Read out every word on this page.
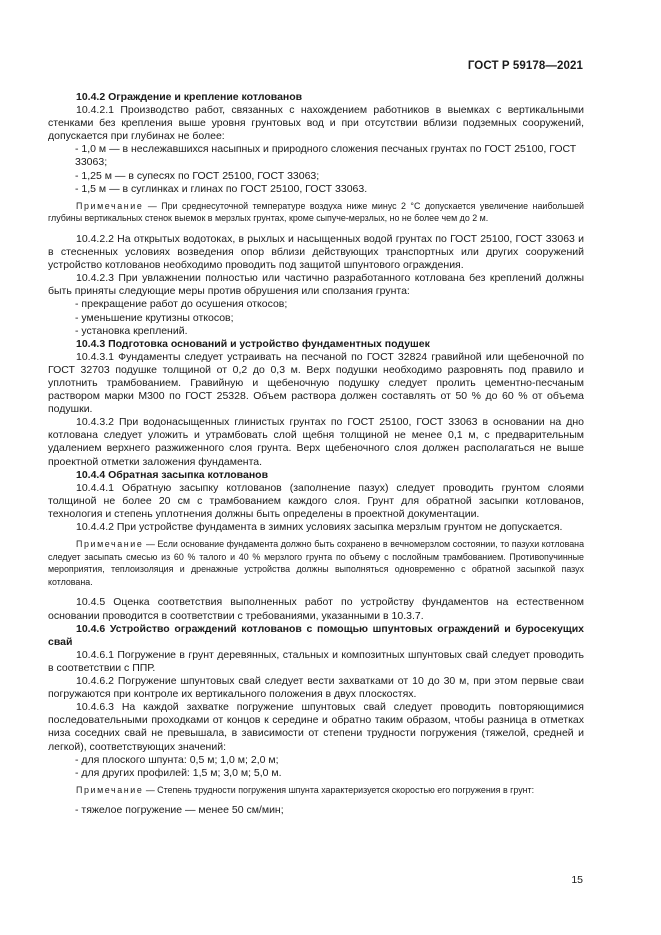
ГОСТ Р 59178—2021

10.4.2 Ограждение и крепление котлованов

10.4.2.1 Производство работ, связанных с нахождением работников в выемках с вертикальными стенками без крепления выше уровня грунтовых вод и при отсутствии вблизи подземных сооружений, допускается при глубинах не более:

- 1,0 м — в неслежавшихся насыпных и природного сложения песчаных грунтах по ГОСТ 25100, ГОСТ 33063;

- 1,25 м — в супесях по ГОСТ 25100, ГОСТ 33063;

- 1,5 м — в суглинках и глинах по ГОСТ 25100, ГОСТ 33063.

Примечание — При среднесуточной температуре воздуха ниже минус 2 °С допускается увеличение наибольшей глубины вертикальных стенок выемок в мерзлых грунтах, кроме сыпуче-мерзлых, но не более чем до 2 м.

10.4.2.2 На открытых водотоках, в рыхлых и насыщенных водой грунтах по ГОСТ 25100, ГОСТ 33063 и в стесненных условиях возведения опор вблизи действующих транспортных или других сооружений устройство котлованов необходимо проводить под защитой шпунтового ограждения.

10.4.2.3 При увлажнении полностью или частично разработанного котлована без креплений должны быть приняты следующие меры против обрушения или сползания грунта:

- прекращение работ до осушения откосов;

- уменьшение крутизны откосов;

- установка креплений.

10.4.3 Подготовка оснований и устройство фундаментных подушек

10.4.3.1 Фундаменты следует устраивать на песчаной по ГОСТ 32824 гравийной или щебеночной по ГОСТ 32703 подушке толщиной от 0,2 до 0,3 м. Верх подушки необходимо разровнять под правило и уплотнить трамбованием. Гравийную и щебеночную подушку следует пролить цементно-песчаным раствором марки М300 по ГОСТ 25328. Объем раствора должен составлять от 50 % до 60 % от объема подушки.

10.4.3.2 При водонасыщенных глинистых грунтах по ГОСТ 25100, ГОСТ 33063 в основании на дно котлована следует уложить и утрамбовать слой щебня толщиной не менее 0,1 м, с предварительным удалением верхнего разжиженного слоя грунта. Верх щебеночного слоя должен располагаться не выше проектной отметки заложения фундамента.

10.4.4 Обратная засыпка котлованов

10.4.4.1 Обратную засыпку котлованов (заполнение пазух) следует проводить грунтом слоями толщиной не более 20 см с трамбованием каждого слоя. Грунт для обратной засыпки котлованов, технология и степень уплотнения должны быть определены в проектной документации.

10.4.4.2 При устройстве фундамента в зимних условиях засыпка мерзлым грунтом не допускается.

Примечание — Если основание фундамента должно быть сохранено в вечномерзлом состоянии, то пазухи котлована следует засыпать смесью из 60 % талого и 40 % мерзлого грунта по объему с послойным трамбованием. Противопучинные мероприятия, теплоизоляция и дренажные устройства должны выполняться одновременно с обратной засыпкой пазух котлована.

10.4.5 Оценка соответствия выполненных работ по устройству фундаментов на естественном основании проводится в соответствии с требованиями, указанными в 10.3.7.

10.4.6 Устройство ограждений котлованов с помощью шпунтовых ограждений и буросекущих свай

10.4.6.1 Погружение в грунт деревянных, стальных и композитных шпунтовых свай следует проводить в соответствии с ППР.

10.4.6.2 Погружение шпунтовых свай следует вести захватками от 10 до 30 м, при этом первые сваи погружаются при контроле их вертикального положения в двух плоскостях.

10.4.6.3 На каждой захватке погружение шпунтовых свай следует проводить повторяющимися последовательными проходками от концов к середине и обратно таким образом, чтобы разница в отметках низа соседних свай не превышала, в зависимости от степени трудности погружения (тяжелой, средней и легкой), соответствующих значений:

- для плоского шпунта: 0,5 м; 1,0 м; 2,0 м;

- для других профилей: 1,5 м; 3,0 м; 5,0 м.

Примечание — Степень трудности погружения шпунта характеризуется скоростью его погружения в грунт:

- тяжелое погружение — менее 50 см/мин;

15
